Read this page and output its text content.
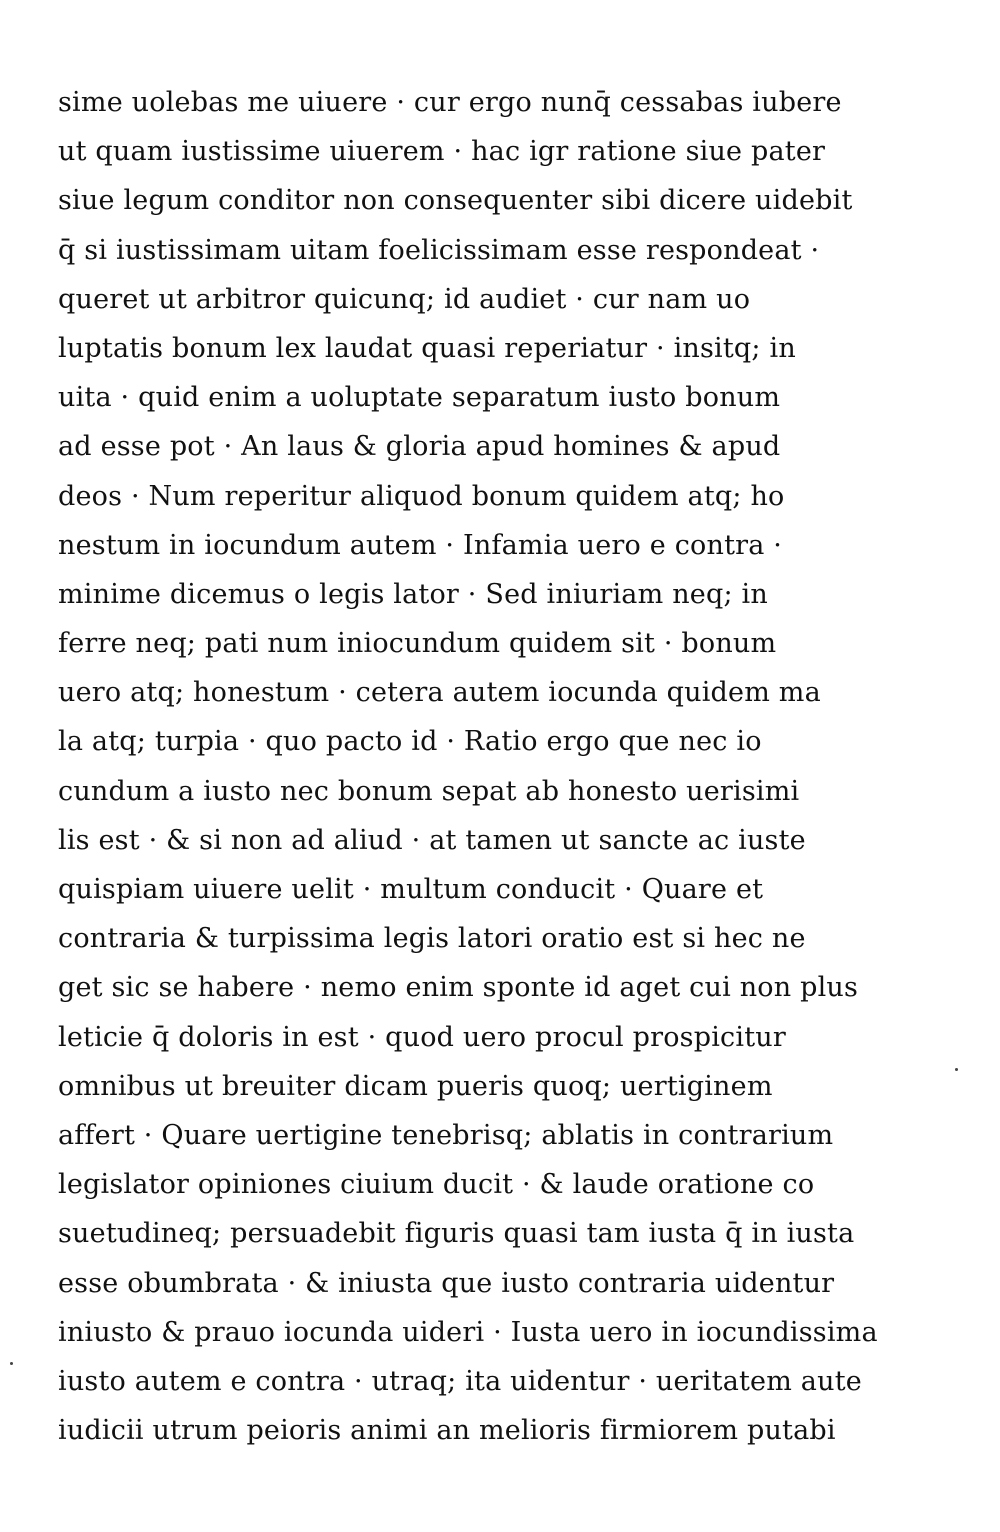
sime uolebas me uiuere · cur ergo nunq̄ cessabas iubere
ut quam iustissime uiuerem · hac igr ratione siue pater
siue legum conditor non consequenter sibi dicere uidebit
q̄ si iustissimam uitam foelicissimam esse respondeat ·
queret ut arbitror quicunq; id audiet · cur nam uo
luptatis bonum lex laudat quasi reperiatur · insitq; in
uita · quid enim a uoluptate separatum iusto bonum
ad esse pot · An laus & gloria apud homines & apud
deos · Num reperitur aliquod bonum quidem atq; ho
nestum in iocundum autem · Infamia uero e contra ·
minime dicemus o legis lator · Sed iniuriam neq; in
ferre neq; pati num iniocundum quidem sit · bonum
uero atq; honestum · cetera autem iocunda quidem ma
la atq; turpia · quo pacto id · Ratio ergo que nec io
cundum a iusto nec bonum sepat ab honesto uerisimi
lis est · & si non ad aliud · at tamen ut sancte ac iuste
quispiam uiuere uelit · multum conducit · Quare et
contraria & turpissima legis latori oratio est si hec ne
get sic se habere · nemo enim sponte id aget cui non plus
leticie q̄ doloris in est · quod uero procul prospicitur
omnibus ut breuiter dicam pueris quoq; uertiginem
affert · Quare uertigine tenebrisq; ablatis in contrarium
legislator opiniones ciuium ducit · & laude oratione co
suetudineq; persuadebit figuris quasi tam iusta q̄ in iusta
esse obumbrata · & iniusta que iusto contraria uidentur
iniusto & prauo iocunda uideri · Iusta uero in iocundissima
iusto autem e contra · utraq; ita uidentur · ueritatem aute
iudicii utrum peioris animi an melioris firmiorem putabi
